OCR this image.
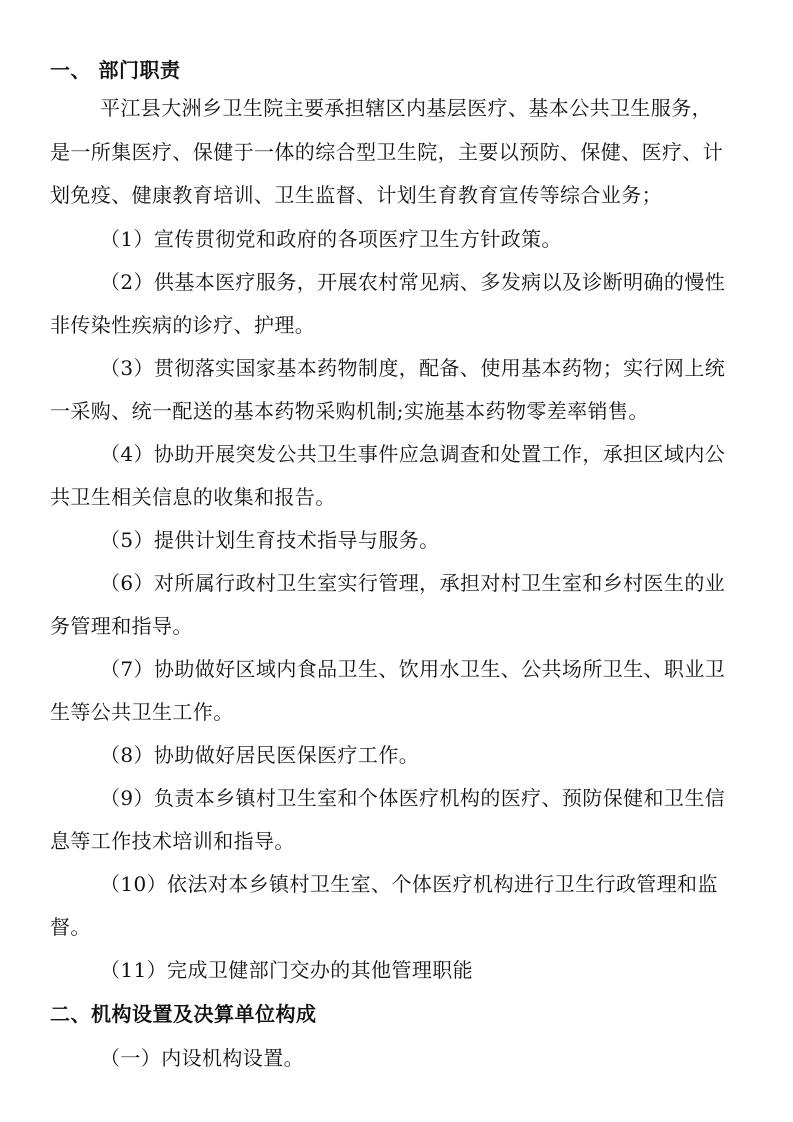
一、 部门职责
平江县大洲乡卫生院主要承担辖区内基层医疗、基本公共卫生服务，
是一所集医疗、保健于一体的综合型卫生院，主要以预防、保健、医疗、计
划免疫、健康教育培训、卫生监督、计划生育教育宣传等综合业务；
（1）宣传贯彻党和政府的各项医疗卫生方针政策。
（2）供基本医疗服务，开展农村常见病、多发病以及诊断明确的慢性
非传染性疾病的诊疗、护理。
（3）贯彻落实国家基本药物制度，配备、使用基本药物；实行网上统
一采购、统一配送的基本药物采购机制;实施基本药物零差率销售。
（4）协助开展突发公共卫生事件应急调查和处置工作，承担区域内公
共卫生相关信息的收集和报告。
（5）提供计划生育技术指导与服务。
（6）对所属行政村卫生室实行管理，承担对村卫生室和乡村医生的业
务管理和指导。
（7）协助做好区域内食品卫生、饮用水卫生、公共场所卫生、职业卫
生等公共卫生工作。
（8）协助做好居民医保医疗工作。
（9）负责本乡镇村卫生室和个体医疗机构的医疗、预防保健和卫生信
息等工作技术培训和指导。
（10）依法对本乡镇村卫生室、个体医疗机构进行卫生行政管理和监
督。
（11）完成卫健部门交办的其他管理职能
二、机构设置及决算单位构成
（一）内设机构设置。
